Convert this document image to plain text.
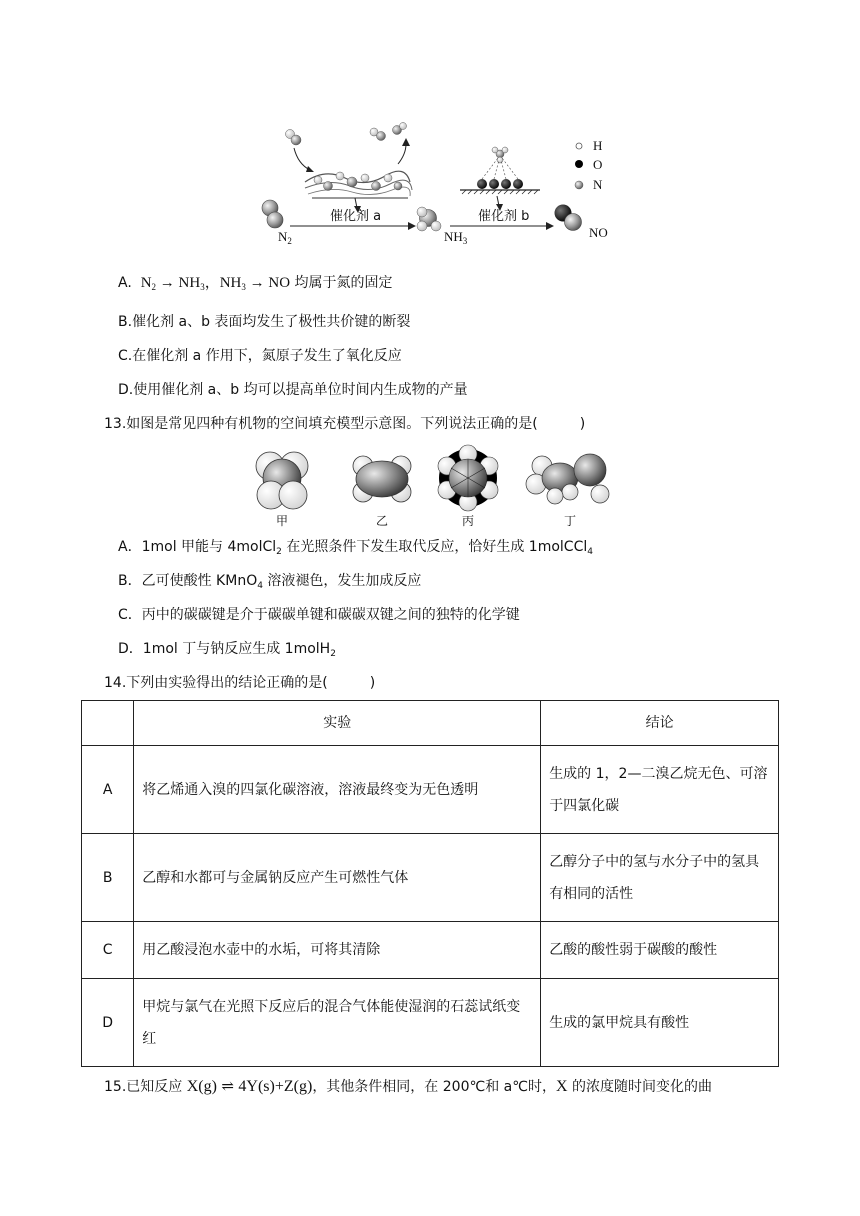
H
O
N
催化剂 a	催化剂 b
$N_2$	$NH_3$
NO
A. $N_2 \to NH_3$，$NH_3$ → NO 均属于氮的固定
B.催化剂 a、b 表面均发生了极性共价键的断裂
C.在催化剂 a 作用下，氮原子发生了氧化反应
D.使用催化剂 a、b 均可以提高单位时间内生成物的产量
13.如图是常见四种有机物的空间填充模型示意图。下列说法正确的是(　　　)
甲	乙	丙	丁
A．1mol 甲能与 4molCl$_2$ 在光照条件下发生取代反应，恰好生成 1molCCl$_4$
B．乙可使酸性 KMnO$_4$ 溶液褪色，发生加成反应
C．丙中的碳碳键是介于碳碳单键和碳碳双键之间的独特的化学键
D．1mol 丁与钠反应生成 1molH$_2$
14.下列由实验得出的结论正确的是(　　　)
	实验	结论
A	将乙烯通入溴的四氯化碳溶液，溶液最终变为无色透明	生成的 1，2—二溴乙烷无色、可溶于四氯化碳
B	乙醇和水都可与金属钠反应产生可燃性气体	乙醇分子中的氢与水分子中的氢具有相同的活性
C	用乙酸浸泡水壶中的水垢，可将其清除	乙酸的酸性弱于碳酸的酸性
D	甲烷与氯气在光照下反应后的混合气体能使湿润的石蕊试纸变红	生成的氯甲烷具有酸性
15.已知反应 X(g) ⇌ 4Y(s)+Z(g)，其他条件相同，在 200℃和 a℃时，X 的浓度随时间变化的曲
